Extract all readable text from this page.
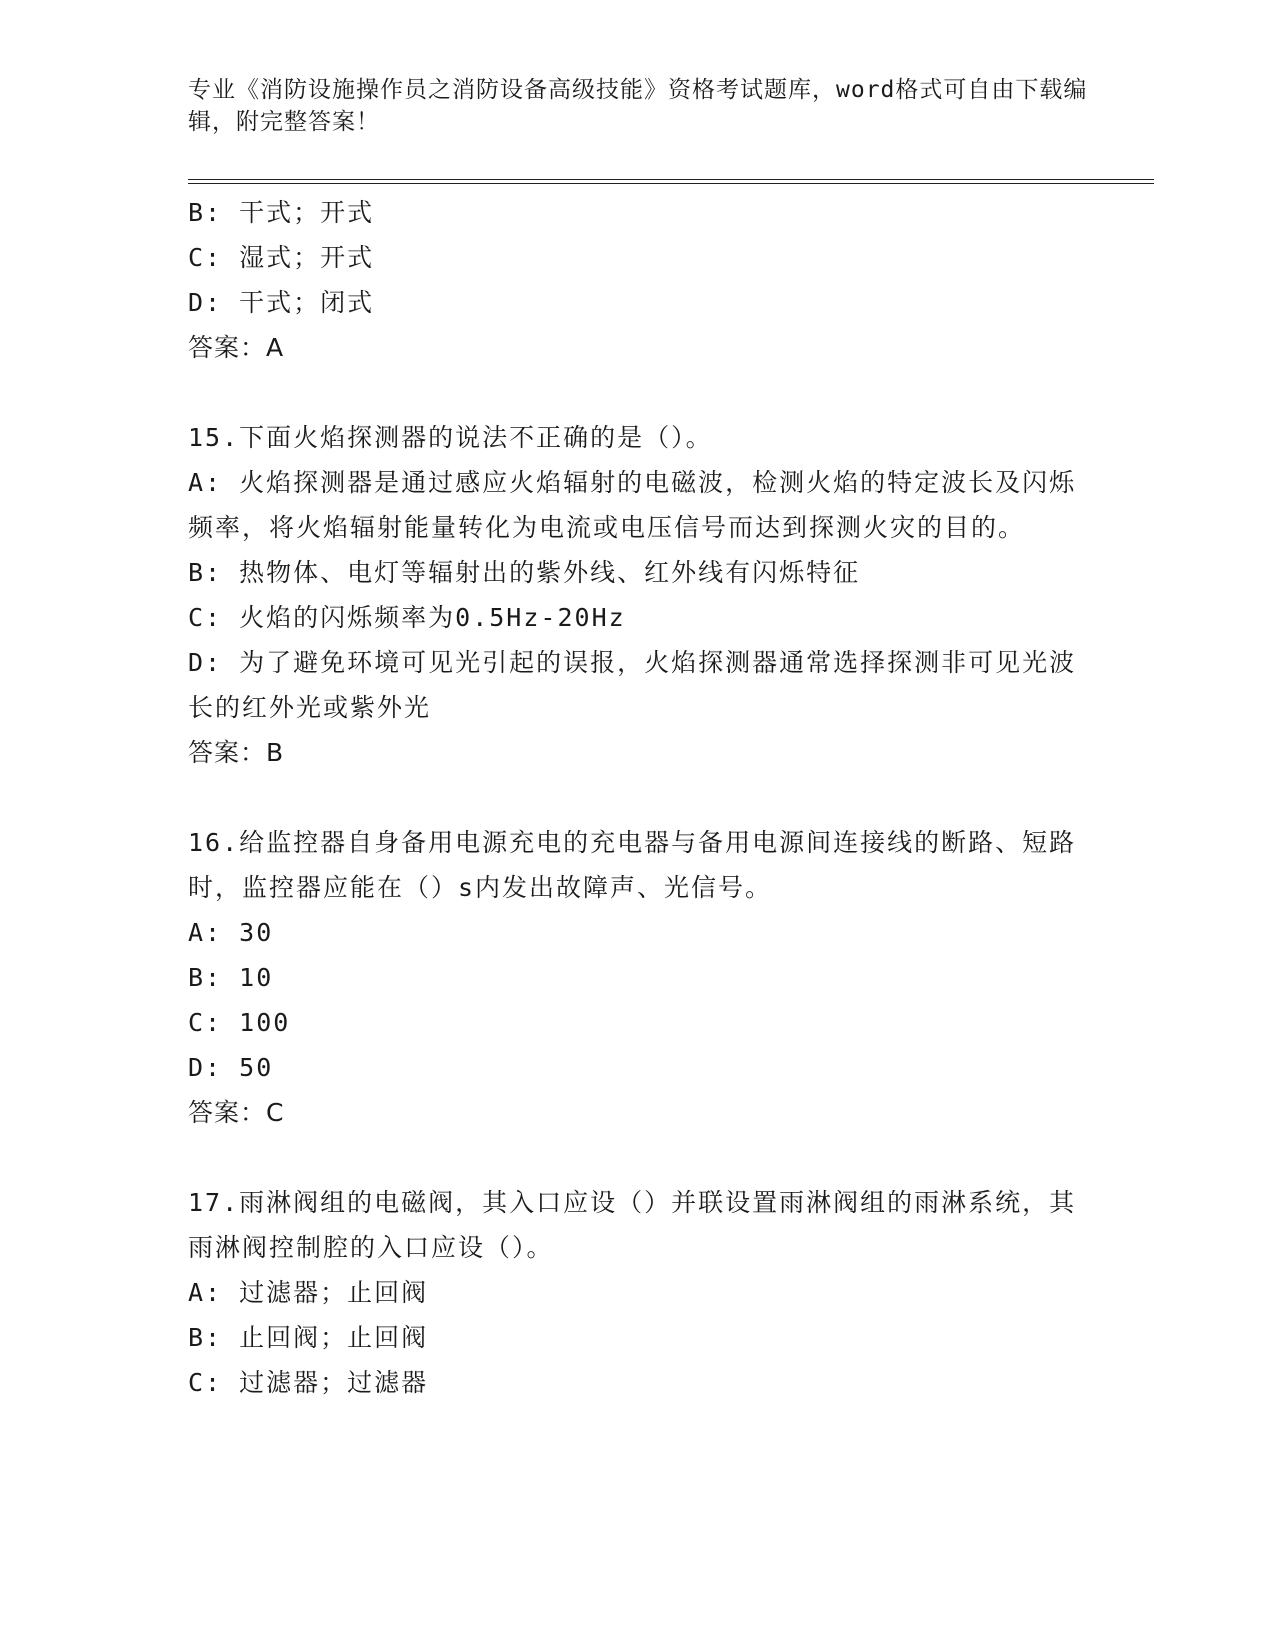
专业《消防设施操作员之消防设备高级技能》资格考试题库，word格式可自由下载编辑，附完整答案！
B: 干式；开式
C: 湿式；开式
D: 干式；闭式
答案：A
15.下面火焰探测器的说法不正确的是（）。
A: 火焰探测器是通过感应火焰辐射的电磁波，检测火焰的特定波长及闪烁频率，将火焰辐射能量转化为电流或电压信号而达到探测火灾的目的。
B: 热物体、电灯等辐射出的紫外线、红外线有闪烁特征
C: 火焰的闪烁频率为0.5Hz-20Hz
D: 为了避免环境可见光引起的误报，火焰探测器通常选择探测非可见光波长的红外光或紫外光
答案：B
16.给监控器自身备用电源充电的充电器与备用电源间连接线的断路、短路时，监控器应能在（）s内发出故障声、光信号。
A: 30
B: 10
C: 100
D: 50
答案：C
17.雨淋阀组的电磁阀，其入口应设（）并联设置雨淋阀组的雨淋系统，其雨淋阀控制腔的入口应设（）。
A: 过滤器；止回阀
B: 止回阀；止回阀
C: 过滤器；过滤器
